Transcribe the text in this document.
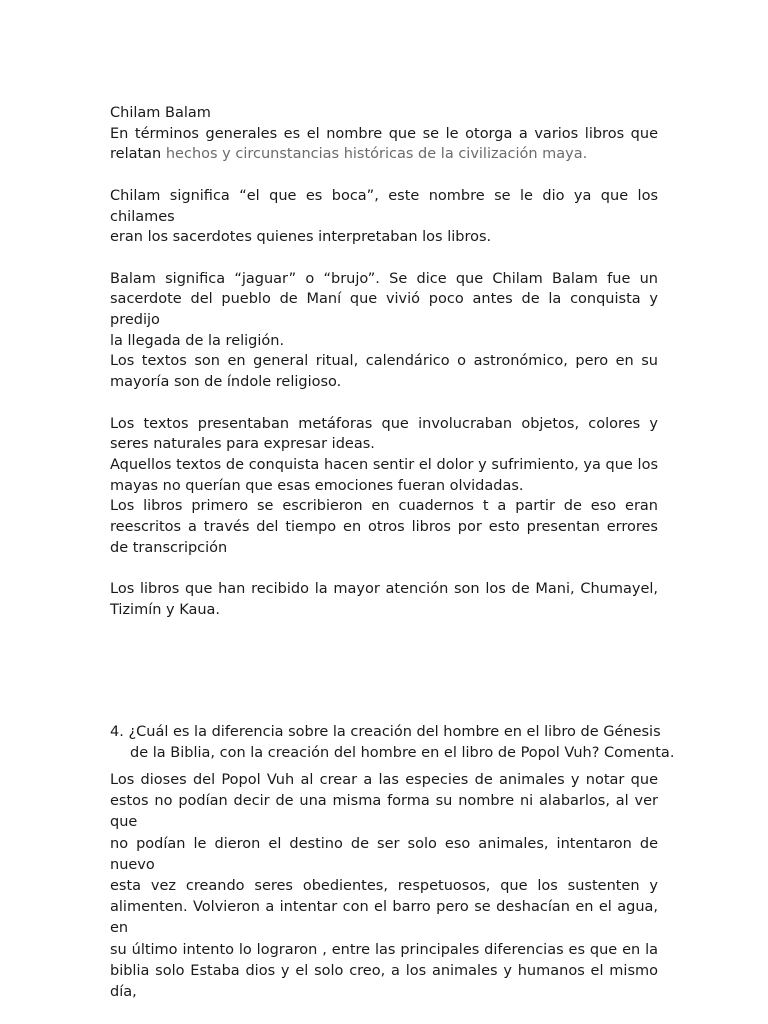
Chilam Balam
En términos generales es el nombre que se le otorga a varios libros que
relatan hechos y circunstancias históricas de la civilización maya.
Chilam significa “el que es boca”, este nombre se le dio ya que los chilames
eran los sacerdotes quienes interpretaban los libros.
Balam significa “jaguar” o “brujo”. Se dice que Chilam Balam fue un
sacerdote del pueblo de Maní que vivió poco antes de la conquista y predijo
la llegada de la religión.
Los textos son en general ritual, calendárico o astronómico, pero en su
mayoría son de índole religioso.
Los textos presentaban metáforas que involucraban objetos, colores y
seres naturales para expresar ideas.
Aquellos textos de conquista hacen sentir el dolor y sufrimiento, ya que los
mayas no querían que esas emociones fueran olvidadas.
Los libros primero se escribieron en cuadernos t a partir de eso eran
reescritos a través del tiempo en otros libros por esto presentan errores
de transcripción
Los libros que han recibido la mayor atención son los de Mani, Chumayel,
Tizimín y Kaua.
4. ¿Cuál es la diferencia sobre la creación del hombre en el libro de Génesis
de la Biblia, con la creación del hombre en el libro de Popol Vuh? Comenta.
Los dioses del Popol Vuh al crear a las especies de animales y notar que
estos no podían decir de una misma forma su nombre ni alabarlos, al ver que
no podían le dieron el destino de ser solo eso animales, intentaron de nuevo
esta vez creando seres obedientes, respetuosos, que los sustenten y
alimenten. Volvieron a intentar con el barro pero se deshacían en el agua, en
su último intento lo lograron , entre las principales diferencias es que en la
biblia solo Estaba dios y el solo creo, a los animales y humanos el mismo día,
